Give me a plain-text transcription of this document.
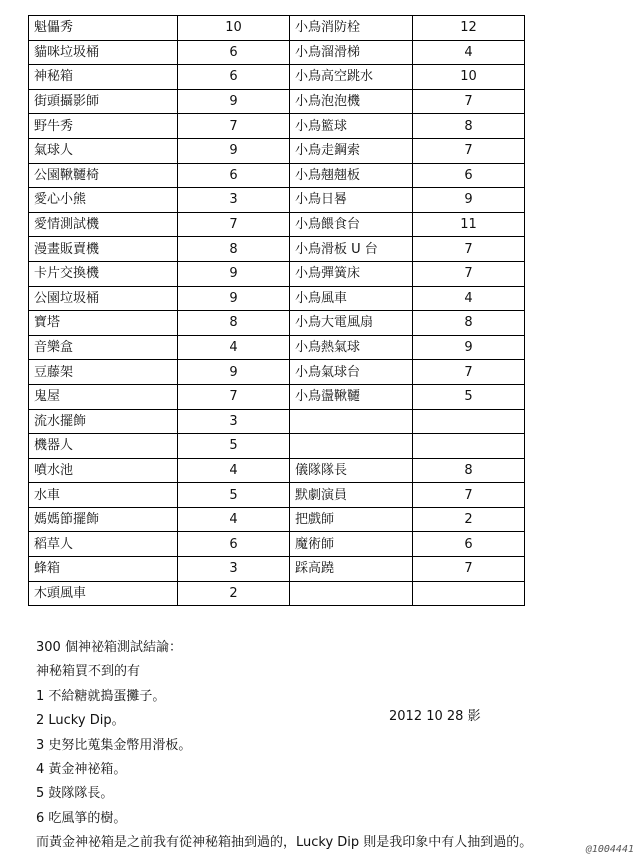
魁儡秀	10	小鳥消防栓	12
貓咪垃圾桶	6	小鳥溜滑梯	4
神秘箱	6	小鳥高空跳水	10
街頭攝影師	9	小鳥泡泡機	7
野牛秀	7	小鳥籃球	8
氣球人	9	小鳥走鋼索	7
公園鞦韆椅	6	小鳥翹翹板	6
愛心小熊	3	小鳥日晷	9
愛情測試機	7	小鳥餵食台	11
漫畫販賣機	8	小鳥滑板 U 台	7
卡片交換機	9	小鳥彈簧床	7
公園垃圾桶	9	小鳥風車	4
寶塔	8	小鳥大電風扇	8
音樂盒	4	小鳥熱氣球	9
豆藤架	9	小鳥氣球台	7
鬼屋	7	小鳥盪鞦韆	5
流水擺飾	3		
機器人	5		
噴水池	4	儀隊隊長	8
水車	5	默劇演員	7
媽媽節擺飾	4	把戲師	2
稻草人	6	魔術師	6
蜂箱	3	踩高蹺	7
木頭風車	2		
300 個神祕箱測試結論：
神秘箱買不到的有
1 不給糖就搗蛋攤子。
2 Lucky Dip。
3 史努比蒐集金幣用滑板。
4 黃金神祕箱。
5 鼓隊隊長。
6 吃風箏的樹。
而黃金神祕箱是之前我有從神秘箱抽到過的，Lucky Dip 則是我印象中有人抽到過的。
2012 10 28 影
@1004441
